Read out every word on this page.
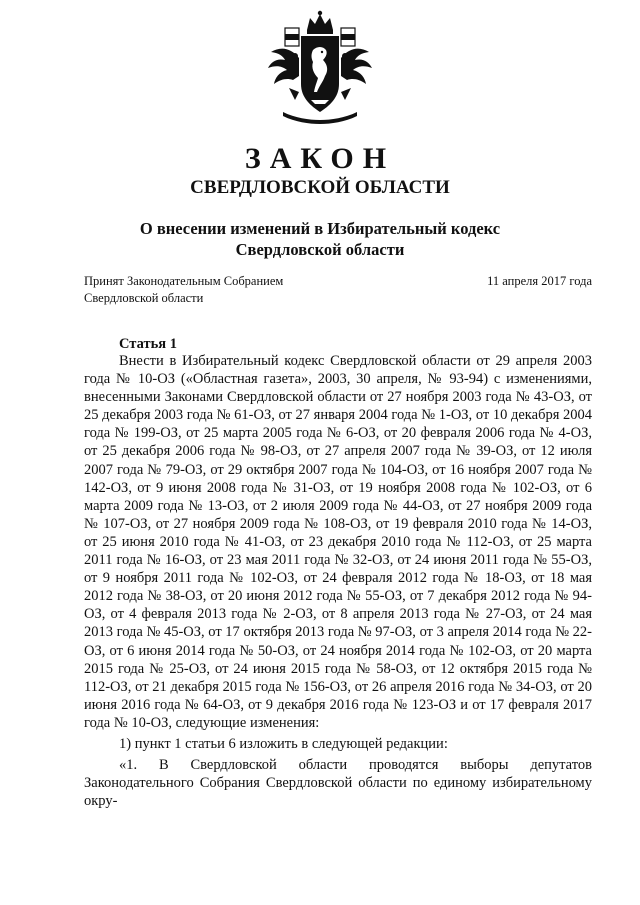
ЗАКОН
СВЕРДЛОВСКОЙ ОБЛАСТИ
О внесении изменений в Избирательный кодекс
Свердловской области
Принят Законодательным Собранием
Свердловской области
11 апреля 2017 года
Статья 1

Внести в Избирательный кодекс Свердловской области от 29 апреля 2003 года № 10-ОЗ («Областная газета», 2003, 30 апреля, № 93-94) с изменениями, внесенными Законами Свердловской области от 27 ноября 2003 года № 43-ОЗ, от 25 декабря 2003 года № 61-ОЗ, от 27 января 2004 года № 1-ОЗ, от 10 декабря 2004 года № 199-ОЗ, от 25 марта 2005 года № 6-ОЗ, от 20 февраля 2006 года № 4-ОЗ, от 25 декабря 2006 года № 98-ОЗ, от 27 апреля 2007 года № 39-ОЗ, от 12 июля 2007 года № 79-ОЗ, от 29 октября 2007 года № 104-ОЗ, от 16 ноября 2007 года № 142-ОЗ, от 9 июня 2008 года № 31-ОЗ, от 19 ноября 2008 года № 102-ОЗ, от 6 марта 2009 года № 13-ОЗ, от 2 июля 2009 года № 44-ОЗ, от 27 ноября 2009 года № 107-ОЗ, от 27 ноября 2009 года № 108-ОЗ, от 19 февраля 2010 года № 14-ОЗ, от 25 июня 2010 года № 41-ОЗ, от 23 декабря 2010 года № 112-ОЗ, от 25 марта 2011 года № 16-ОЗ, от 23 мая 2011 года № 32-ОЗ, от 24 июня 2011 года № 55-ОЗ, от 9 ноября 2011 года № 102-ОЗ, от 24 февраля 2012 года № 18-ОЗ, от 18 мая 2012 года № 38-ОЗ, от 20 июня 2012 года № 55-ОЗ, от 7 декабря 2012 года № 94-ОЗ, от 4 февраля 2013 года № 2-ОЗ, от 8 апреля 2013 года № 27-ОЗ, от 24 мая 2013 года № 45-ОЗ, от 17 октября 2013 года № 97-ОЗ, от 3 апреля 2014 года № 22-ОЗ, от 6 июня 2014 года № 50-ОЗ, от 24 ноября 2014 года № 102-ОЗ, от 20 марта 2015 года № 25-ОЗ, от 24 июня 2015 года № 58-ОЗ, от 12 октября 2015 года № 112-ОЗ, от 21 декабря 2015 года № 156-ОЗ, от 26 апреля 2016 года № 34-ОЗ, от 20 июня 2016 года № 64-ОЗ, от 9 декабря 2016 года № 123-ОЗ и от 17 февраля 2017 года № 10-ОЗ, следующие изменения:

1) пункт 1 статьи 6 изложить в следующей редакции:

«1. В Свердловской области проводятся выборы депутатов Законодательного Собрания Свердловской области по единому избирательному окру-
